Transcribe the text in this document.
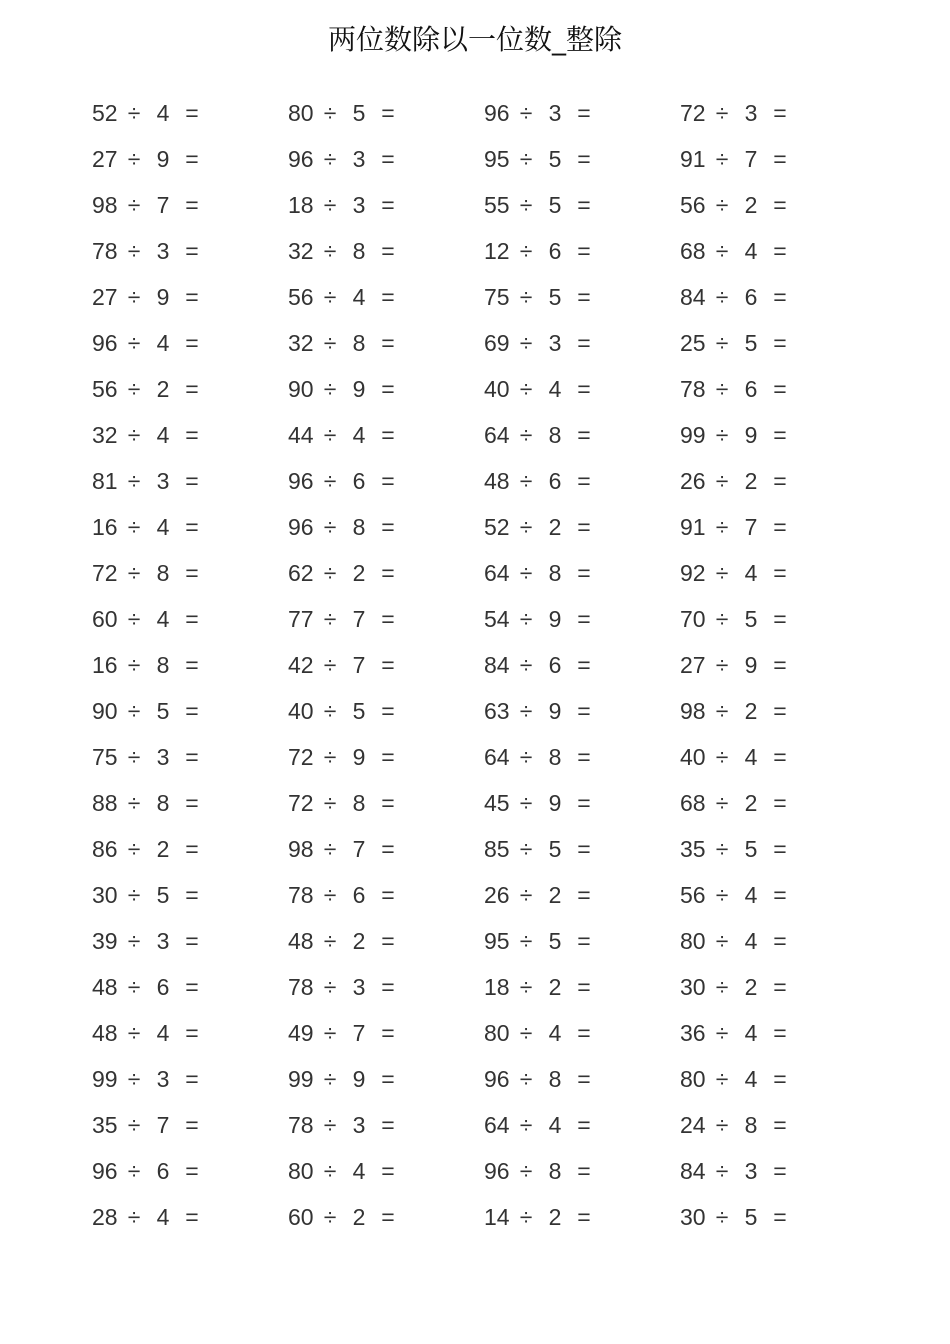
两位数除以一位数_整除
52 ÷ 4 =	80 ÷ 5 =	96 ÷ 3 =	72 ÷ 3 =
27 ÷ 9 =	96 ÷ 3 =	95 ÷ 5 =	91 ÷ 7 =
98 ÷ 7 =	18 ÷ 3 =	55 ÷ 5 =	56 ÷ 2 =
78 ÷ 3 =	32 ÷ 8 =	12 ÷ 6 =	68 ÷ 4 =
27 ÷ 9 =	56 ÷ 4 =	75 ÷ 5 =	84 ÷ 6 =
96 ÷ 4 =	32 ÷ 8 =	69 ÷ 3 =	25 ÷ 5 =
56 ÷ 2 =	90 ÷ 9 =	40 ÷ 4 =	78 ÷ 6 =
32 ÷ 4 =	44 ÷ 4 =	64 ÷ 8 =	99 ÷ 9 =
81 ÷ 3 =	96 ÷ 6 =	48 ÷ 6 =	26 ÷ 2 =
16 ÷ 4 =	96 ÷ 8 =	52 ÷ 2 =	91 ÷ 7 =
72 ÷ 8 =	62 ÷ 2 =	64 ÷ 8 =	92 ÷ 4 =
60 ÷ 4 =	77 ÷ 7 =	54 ÷ 9 =	70 ÷ 5 =
16 ÷ 8 =	42 ÷ 7 =	84 ÷ 6 =	27 ÷ 9 =
90 ÷ 5 =	40 ÷ 5 =	63 ÷ 9 =	98 ÷ 2 =
75 ÷ 3 =	72 ÷ 9 =	64 ÷ 8 =	40 ÷ 4 =
88 ÷ 8 =	72 ÷ 8 =	45 ÷ 9 =	68 ÷ 2 =
86 ÷ 2 =	98 ÷ 7 =	85 ÷ 5 =	35 ÷ 5 =
30 ÷ 5 =	78 ÷ 6 =	26 ÷ 2 =	56 ÷ 4 =
39 ÷ 3 =	48 ÷ 2 =	95 ÷ 5 =	80 ÷ 4 =
48 ÷ 6 =	78 ÷ 3 =	18 ÷ 2 =	30 ÷ 2 =
48 ÷ 4 =	49 ÷ 7 =	80 ÷ 4 =	36 ÷ 4 =
99 ÷ 3 =	99 ÷ 9 =	96 ÷ 8 =	80 ÷ 4 =
35 ÷ 7 =	78 ÷ 3 =	64 ÷ 4 =	24 ÷ 8 =
96 ÷ 6 =	80 ÷ 4 =	96 ÷ 8 =	84 ÷ 3 =
28 ÷ 4 =	60 ÷ 2 =	14 ÷ 2 =	30 ÷ 5 =
